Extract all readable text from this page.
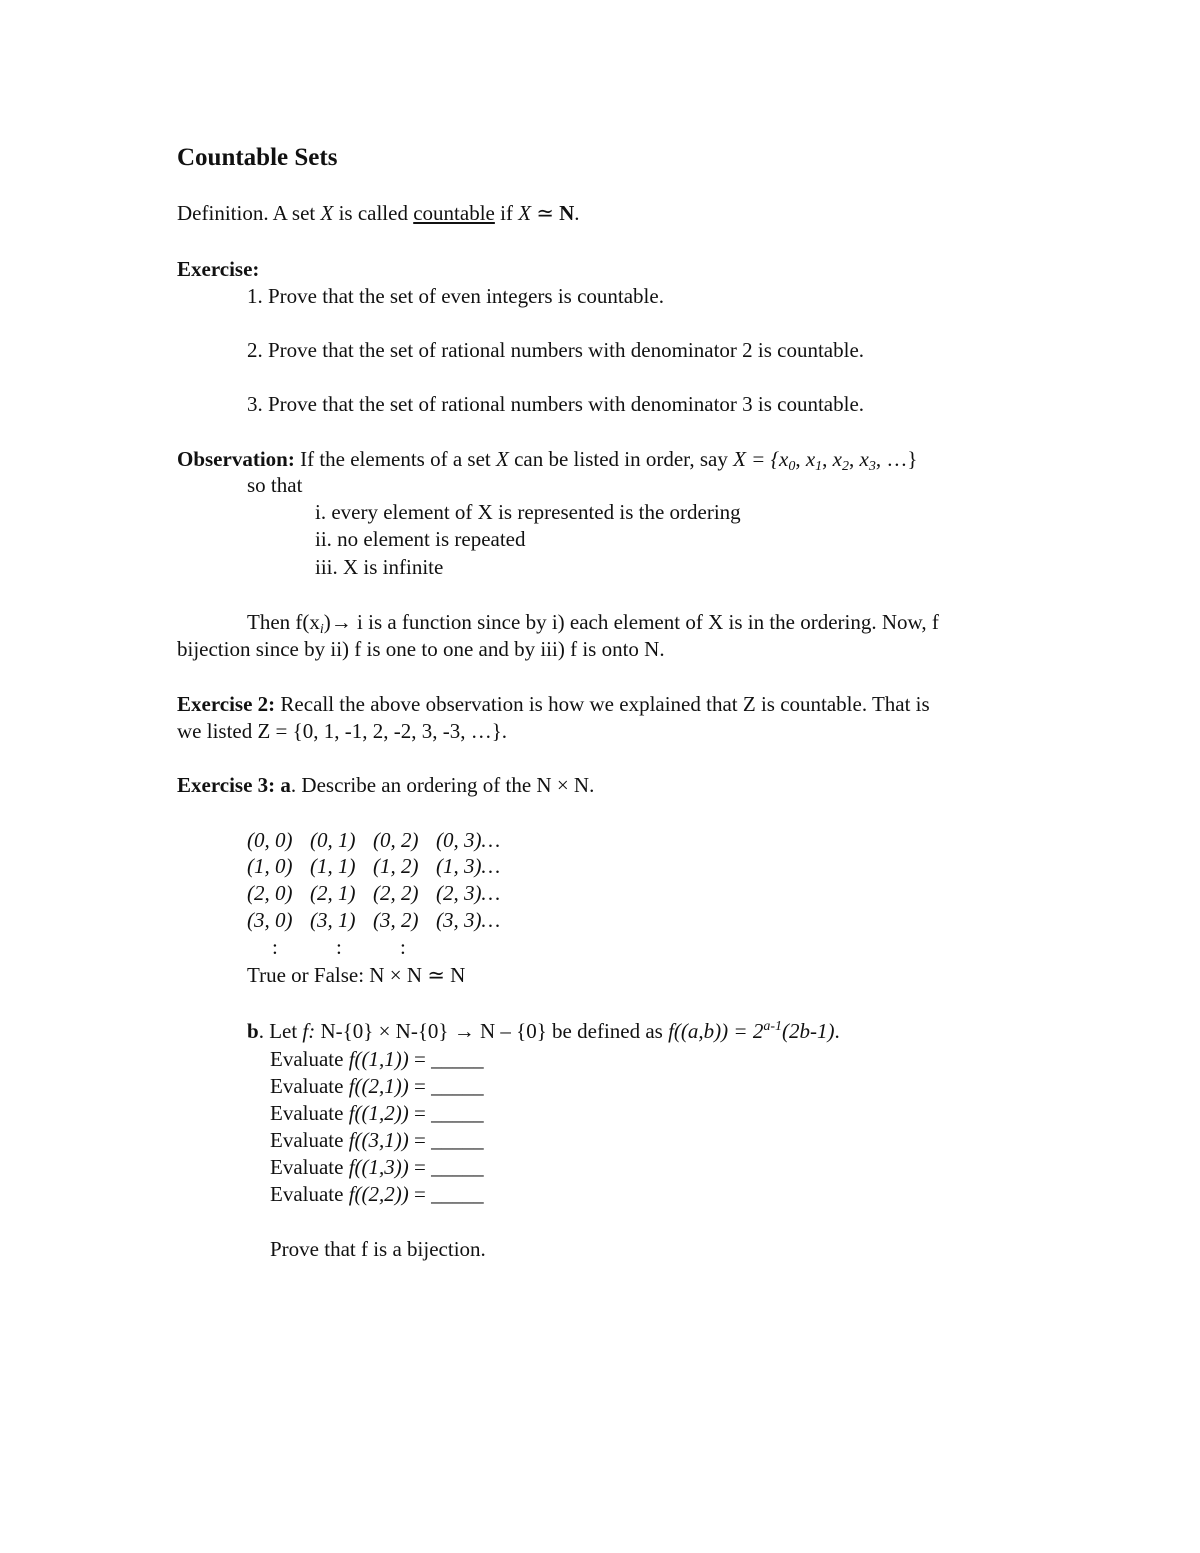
Countable Sets
Definition. A set X is called countable if X ≃ N.
Exercise:
1. Prove that the set of even integers is countable.
2. Prove that the set of rational numbers with denominator 2 is countable.
3. Prove that the set of rational numbers with denominator 3 is countable.
Observation: If the elements of a set X can be listed in order, say $X = \{x_0$, $x_1$, $x_2$, $x_3$, …}
so that
i. every element of X is represented is the ordering
ii. no element is repeated
iii. X is infinite
Then $f(x_i)\to i$ is a function since by i) each element of X is in the ordering. Now, f
bijection since by ii) f is one to one and by iii) f is onto N.
Exercise 2: Recall the above observation is how we explained that Z is countable. That is
we listed Z = {0, 1, -1, 2, -2, 3, -3, …}.
Exercise 3: a. Describe an ordering of the N × N.
(0, 0) (0, 1) (0, 2) (0, 3)…
(1, 0) (1, 1) (1, 2) (1, 3)…
(2, 0) (2, 1) (2, 2) (2, 3)…
(3, 0) (3, 1) (3, 2) (3, 3)…
:	:	:
True or False: N × N ≃ N
b. Let f: N-{0} × N-{0} → N – {0} be defined as $f((a,b)) = 2^{a-1}(2b-1)$.
Evaluate f((1,1)) = _____
Evaluate f((2,1)) = _____
Evaluate f((1,2)) = _____
Evaluate f((3,1)) = _____
Evaluate f((1,3)) = _____
Evaluate f((2,2)) = _____
Prove that f is a bijection.
